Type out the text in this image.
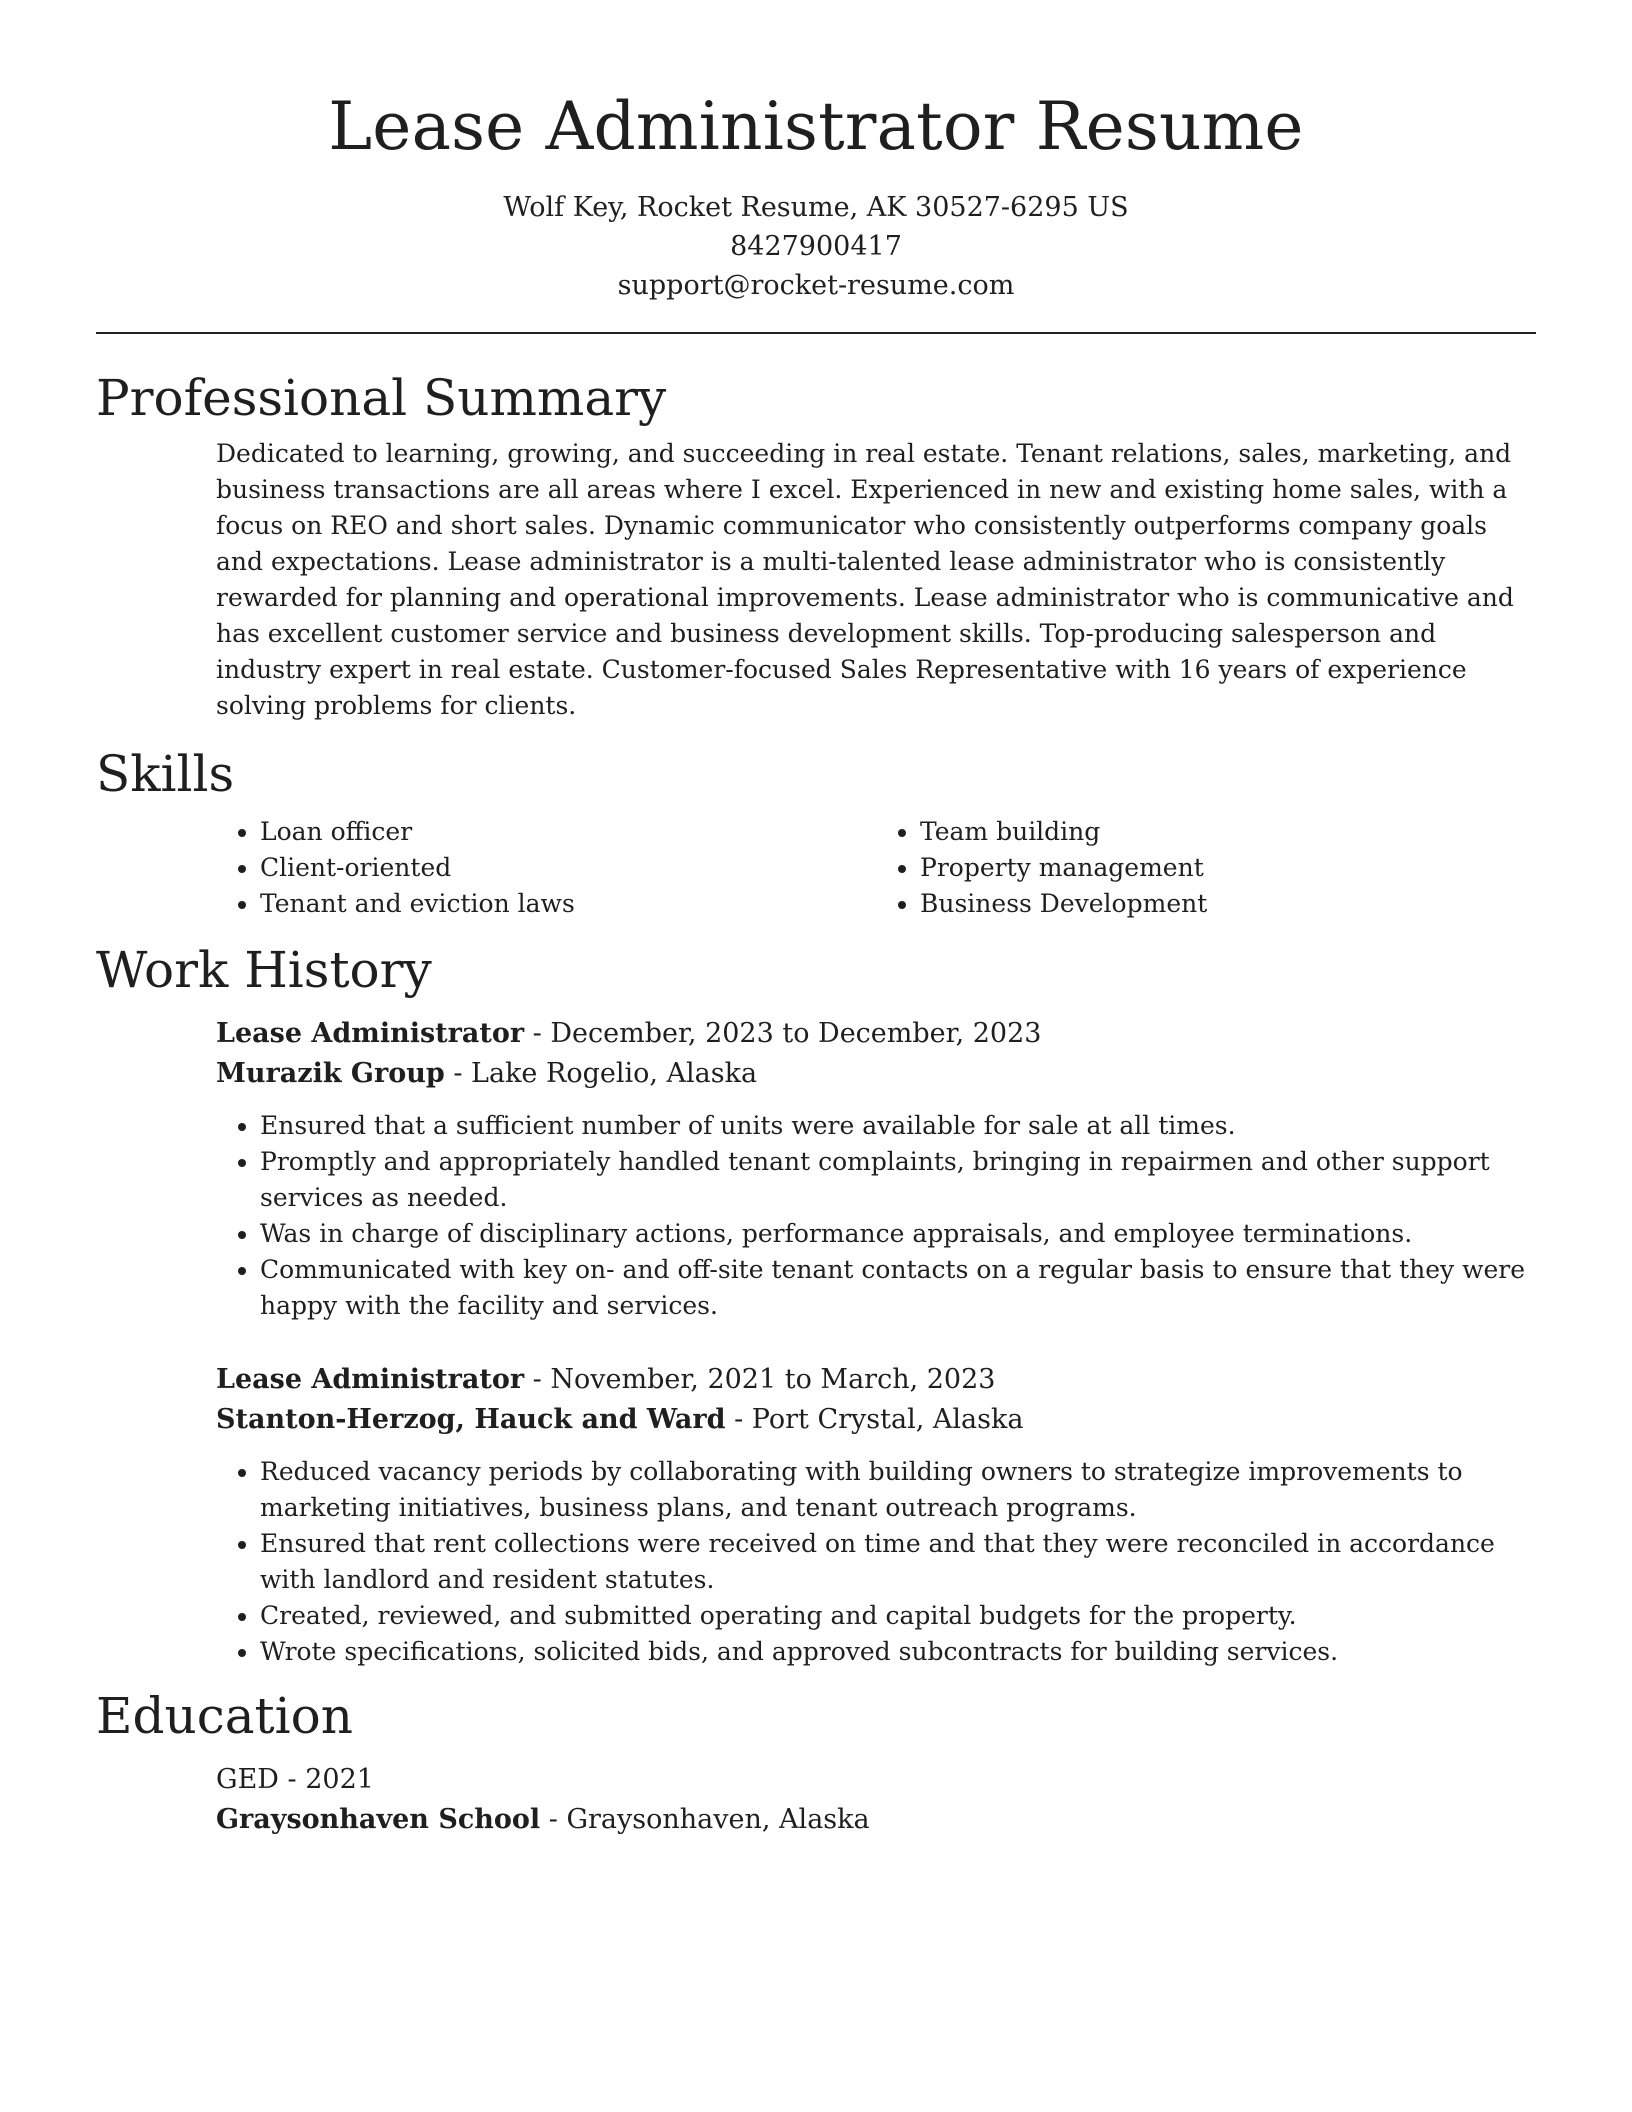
Lease Administrator Resume
Wolf Key, Rocket Resume, AK 30527-6295 US
8427900417
support@rocket-resume.com
Professional Summary
Dedicated to learning, growing, and succeeding in real estate. Tenant relations, sales, marketing, and business transactions are all areas where I excel. Experienced in new and existing home sales, with a focus on REO and short sales. Dynamic communicator who consistently outperforms company goals and expectations. Lease administrator is a multi-talented lease administrator who is consistently rewarded for planning and operational improvements. Lease administrator who is communicative and has excellent customer service and business development skills. Top-producing salesperson and industry expert in real estate. Customer-focused Sales Representative with 16 years of experience solving problems for clients.
Skills
• Loan officer
• Client-oriented
• Tenant and eviction laws
• Team building
• Property management
• Business Development
Work History
Lease Administrator - December, 2023 to December, 2023
Murazik Group - Lake Rogelio, Alaska
• Ensured that a sufficient number of units were available for sale at all times.
• Promptly and appropriately handled tenant complaints, bringing in repairmen and other support services as needed.
• Was in charge of disciplinary actions, performance appraisals, and employee terminations.
• Communicated with key on- and off-site tenant contacts on a regular basis to ensure that they were happy with the facility and services.
Lease Administrator - November, 2021 to March, 2023
Stanton-Herzog, Hauck and Ward - Port Crystal, Alaska
• Reduced vacancy periods by collaborating with building owners to strategize improvements to marketing initiatives, business plans, and tenant outreach programs.
• Ensured that rent collections were received on time and that they were reconciled in accordance with landlord and resident statutes.
• Created, reviewed, and submitted operating and capital budgets for the property.
• Wrote specifications, solicited bids, and approved subcontracts for building services.
Education
GED - 2021
Graysonhaven School - Graysonhaven, Alaska
